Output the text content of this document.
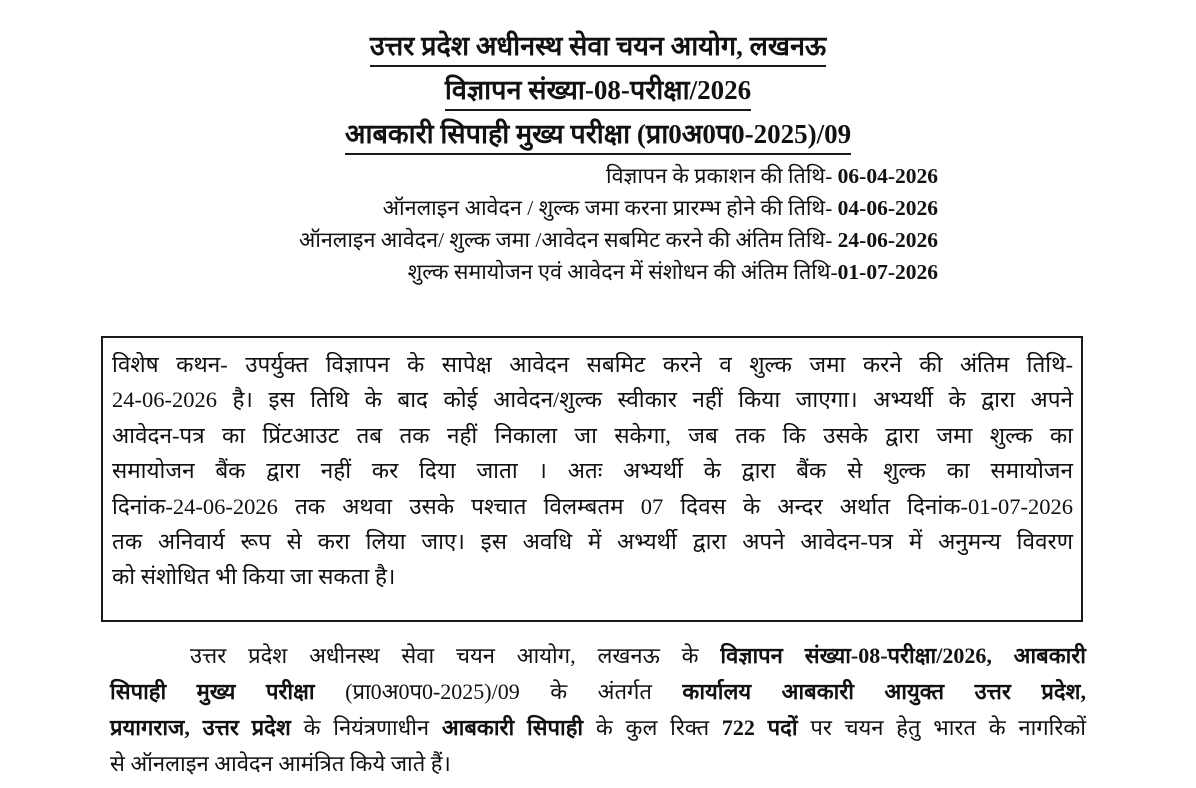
उत्तर प्रदेश अधीनस्थ सेवा चयन आयोग, लखनऊ
विज्ञापन संख्या-08-परीक्षा/2026
आबकारी सिपाही मुख्य परीक्षा (प्रा0अ0प0-2025)/09
विज्ञापन के प्रकाशन की तिथि- 06-04-2026
ऑनलाइन आवेदन / शुल्क जमा करना प्रारम्भ होने की तिथि- 04-06-2026
ऑनलाइन आवेदन/ शुल्क जमा /आवेदन सबमिट करने की अंतिम तिथि- 24-06-2026
शुल्क समायोजन एवं आवेदन में संशोधन की अंतिम तिथि-01-07-2026
विशेष कथन- उपर्युक्त विज्ञापन के सापेक्ष आवेदन सबमिट करने व शुल्क जमा करने की अंतिम तिथि-
24-06-2026 है। इस तिथि के बाद कोई आवेदन/शुल्क स्वीकार नहीं किया जाएगा। अभ्यर्थी के द्वारा अपने
आवेदन-पत्र का प्रिंटआउट तब तक नहीं निकाला जा सकेगा, जब तक कि उसके द्वारा जमा शुल्क का
समायोजन बैंक द्वारा नहीं कर दिया जाता । अतः अभ्यर्थी के द्वारा बैंक से शुल्क का समायोजन
दिनांक-24-06-2026 तक अथवा उसके पश्चात विलम्बतम 07 दिवस के अन्दर अर्थात दिनांक-01-07-2026
तक अनिवार्य रूप से करा लिया जाए। इस अवधि में अभ्यर्थी द्वारा अपने आवेदन-पत्र में अनुमन्य विवरण
को संशोधित भी किया जा सकता है।
उत्तर प्रदेश अधीनस्थ सेवा चयन आयोग, लखनऊ के विज्ञापन संख्या-08-परीक्षा/2026, आबकारी
सिपाही मुख्य परीक्षा (प्रा0अ0प0-2025)/09 के अंतर्गत कार्यालय आबकारी आयुक्त उत्तर प्रदेश,
प्रयागराज, उत्तर प्रदेश के नियंत्रणाधीन आबकारी सिपाही के कुल रिक्त 722 पदों पर चयन हेतु भारत के नागरिकों
से ऑनलाइन आवेदन आमंत्रित किये जाते हैं।
